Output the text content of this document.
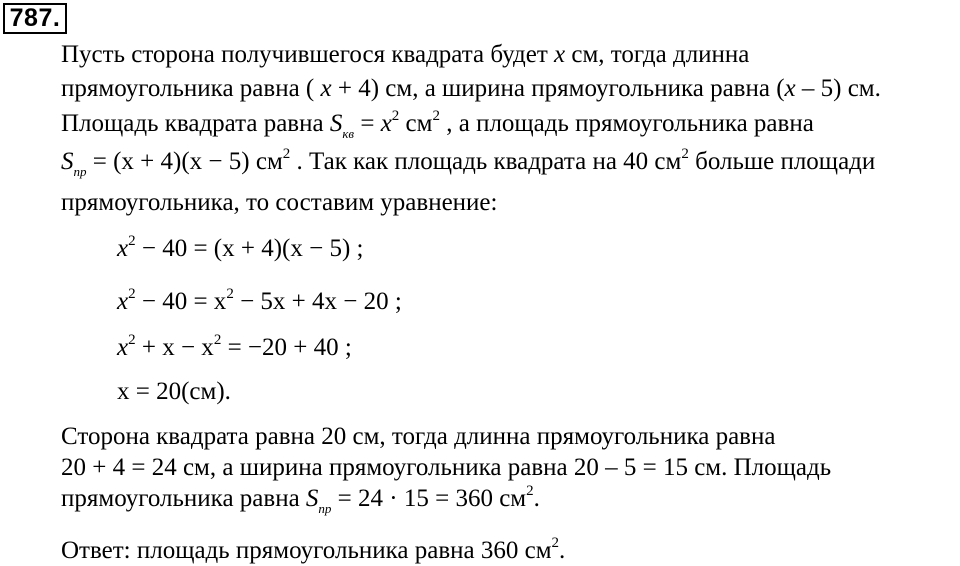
787.
Пусть сторона получившегося квадрата будет x см, тогда длинна
прямоугольника равна ( x + 4) см, а ширина прямоугольника равна (x – 5) см.
Площадь квадрата равна $S_{кв} = x^2$ $см^2$ , а площадь прямоугольника равна
$S_{пр} = (x + 4)(x - 5)$ $см^2$ . Так как площадь квадрата на 40 $см^2$ больше площади
прямоугольника, то составим уравнение:
$x^2 - 40 = (x + 4)(x - 5)$ ;
$x^2 - 40 = x^2 - 5x + 4x - 20$ ;
$x^2 + x - x^2 = -20 + 40$ ;
x = 20(см).
Сторона квадрата равна 20 см, тогда длинна прямоугольника равна
20 + 4 = 24 см, а ширина прямоугольника равна 20 – 5 = 15 см. Площадь
прямоугольника равна $S_{пр} = 24 \cdot 15 = 360$ $см^2$.
Ответ: площадь прямоугольника равна 360 $см^2$.
